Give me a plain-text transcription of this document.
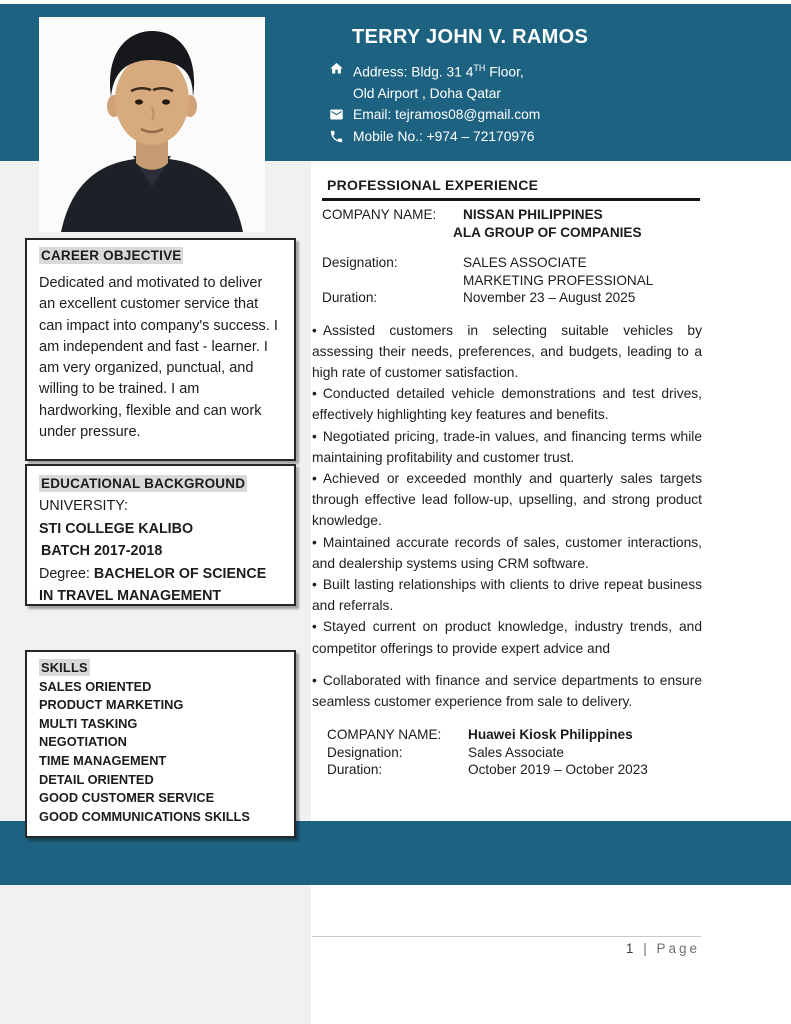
TERRY JOHN V. RAMOS
Address: Bldg. 31 4TH Floor,
Old Airport , Doha Qatar
Email: tejramos08@gmail.com
Mobile No.: +974 – 72170976
CAREER OBJECTIVE

Dedicated and motivated to deliver an excellent customer service that can impact into company's success. I am independent and fast - learner. I am very organized, punctual, and willing to be trained. I am hardworking, flexible and can work under pressure.

EDUCATIONAL BACKGROUND
UNIVERSITY:
STI COLLEGE KALIBO
BATCH 2017-2018
Degree: BACHELOR OF SCIENCE IN TRAVEL MANAGEMENT
SKILLS
SALES ORIENTED
PRODUCT MARKETING
MULTI TASKING
NEGOTIATION
TIME MANAGEMENT
DETAIL ORIENTED
GOOD CUSTOMER SERVICE
GOOD COMMUNICATIONS SKILLS
PROFESSIONAL EXPERIENCE
COMPANY NAME:	NISSAN PHILIPPINES
ALA GROUP OF COMPANIES
Designation:	SALES ASSOCIATE
MARKETING PROFESSIONAL
Duration:	November 23 – August 2025
• Assisted customers in selecting suitable vehicles by assessing their needs, preferences, and budgets, leading to a high rate of customer satisfaction.
• Conducted detailed vehicle demonstrations and test drives, effectively highlighting key features and benefits.
• Negotiated pricing, trade-in values, and financing terms while maintaining profitability and customer trust.
• Achieved or exceeded monthly and quarterly sales targets through effective lead follow-up, upselling, and strong product knowledge.
• Maintained accurate records of sales, customer interactions, and dealership systems using CRM software.
• Built lasting relationships with clients to drive repeat business and referrals.
• Stayed current on product knowledge, industry trends, and competitor offerings to provide expert advice and
• Collaborated with finance and service departments to ensure seamless customer experience from sale to delivery.
COMPANY NAME:	Huawei Kiosk Philippines
Designation:	Sales Associate
Duration:	October 2019 – October 2023
1 | Page
